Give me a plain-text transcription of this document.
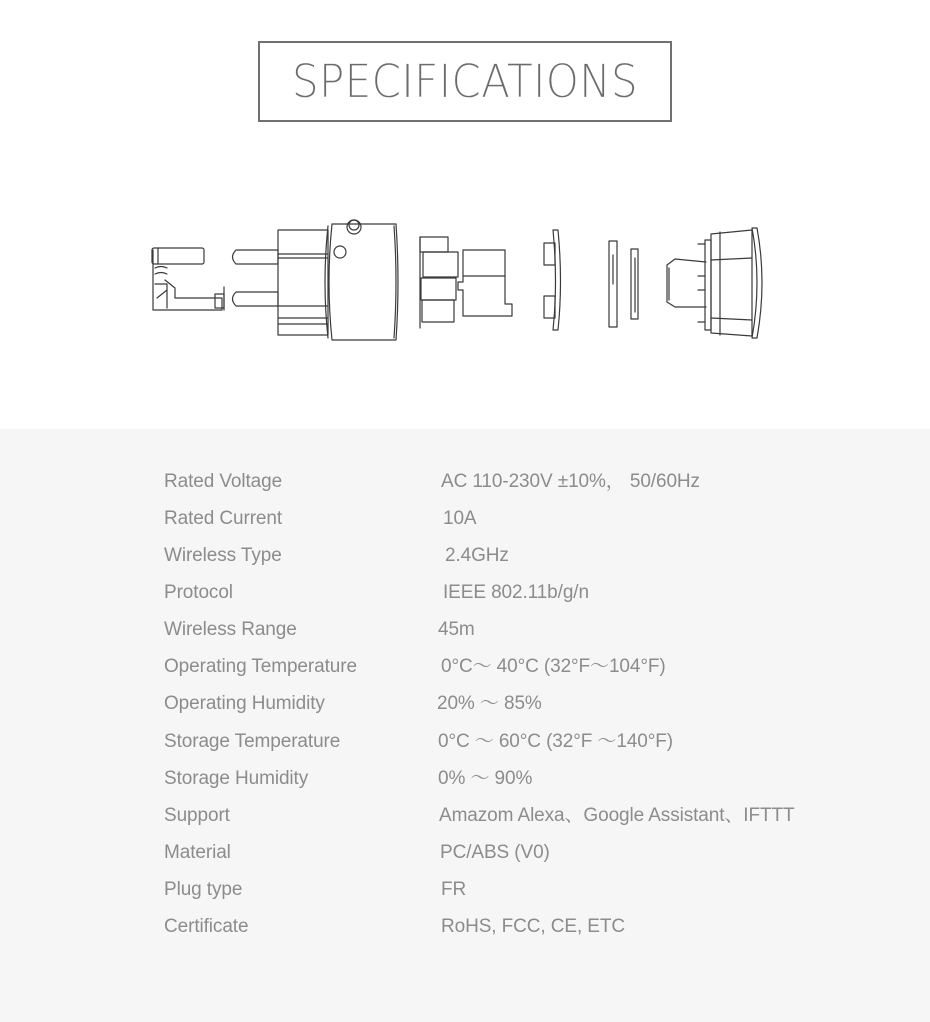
SPECIFICATIONS
Rated Voltage	AC 110-230V ±10%， 50/60Hz
Rated Current	10A
Wireless Type	2.4GHz
Protocol	IEEE 802.11b/g/n
Wireless Range	45m
Operating Temperature	0°C～ 40°C (32°F～104°F)
Operating Humidity	20% ～ 85%
Storage Temperature	0°C ～ 60°C (32°F ～140°F)
Storage Humidity	0% ～ 90%
Support	Amazom Alexa、Google Assistant、IFTTT
Material	PC/ABS (V0)
Plug type	FR
Certificate	RoHS, FCC, CE, ETC
